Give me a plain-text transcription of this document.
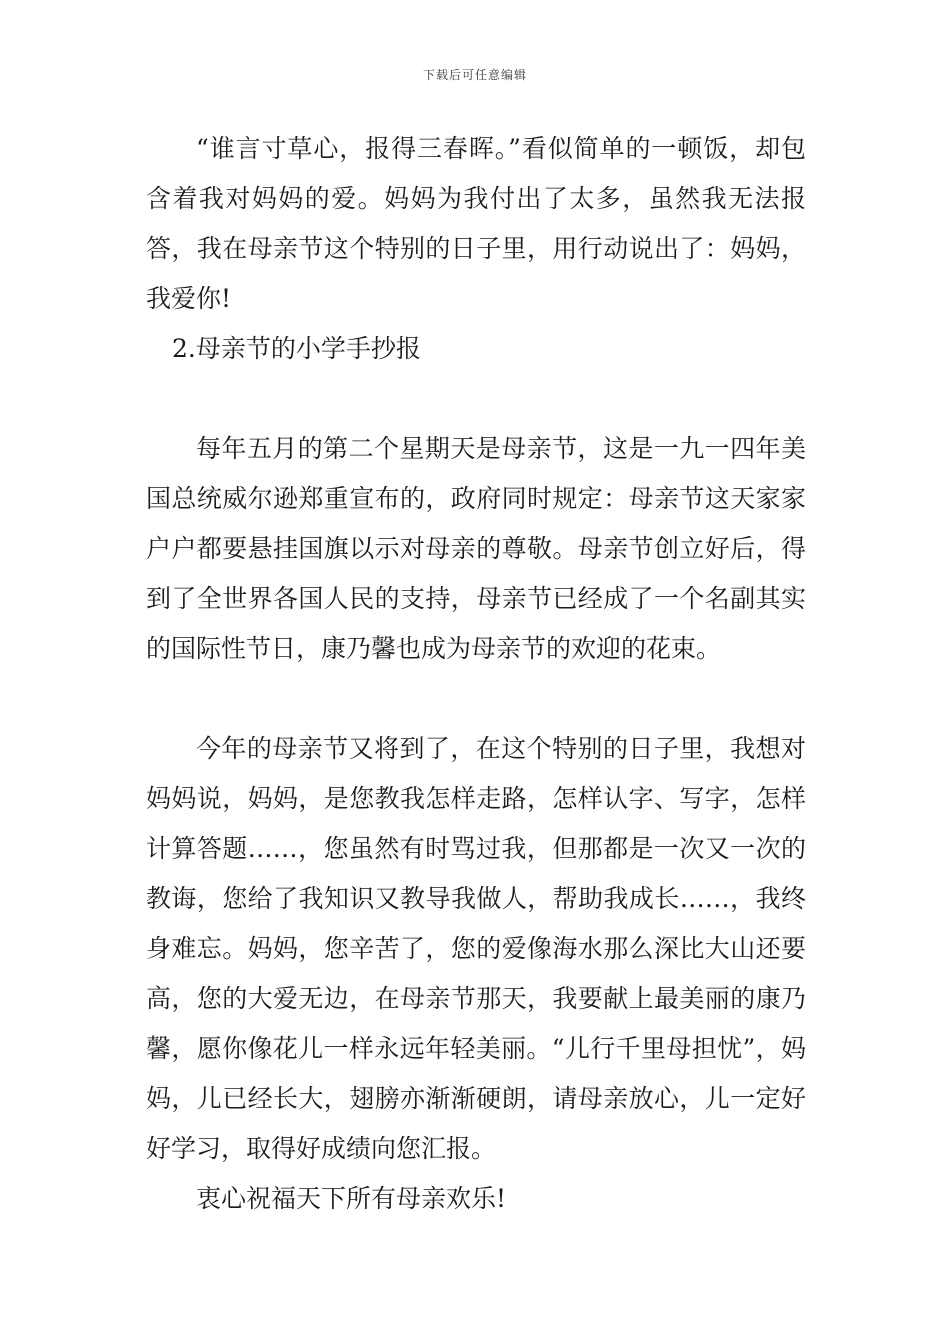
下载后可任意编辑

“谁言寸草心，报得三春晖。”看似简单的一顿饭，却包含着我对妈妈的爱。妈妈为我付出了太多，虽然我无法报答，我在母亲节这个特别的日子里，用行动说出了：妈妈，我爱你!

2.母亲节的小学手抄报

每年五月的第二个星期天是母亲节，这是一九一四年美国总统威尔逊郑重宣布的，政府同时规定：母亲节这天家家户户都要悬挂国旗以示对母亲的尊敬。母亲节创立好后，得到了全世界各国人民的支持，母亲节已经成了一个名副其实的国际性节日，康乃馨也成为母亲节的欢迎的花束。

今年的母亲节又将到了，在这个特别的日子里，我想对妈妈说，妈妈，是您教我怎样走路，怎样认字、写字，怎样计算答题……，您虽然有时骂过我，但那都是一次又一次的教诲，您给了我知识又教导我做人，帮助我成长……，我终身难忘。妈妈，您辛苦了，您的爱像海水那么深比大山还要高，您的大爱无边，在母亲节那天，我要献上最美丽的康乃馨，愿你像花儿一样永远年轻美丽。“儿行千里母担忧”，妈妈，儿已经长大，翅膀亦渐渐硬朗，请母亲放心，儿一定好好学习，取得好成绩向您汇报。

衷心祝福天下所有母亲欢乐!
